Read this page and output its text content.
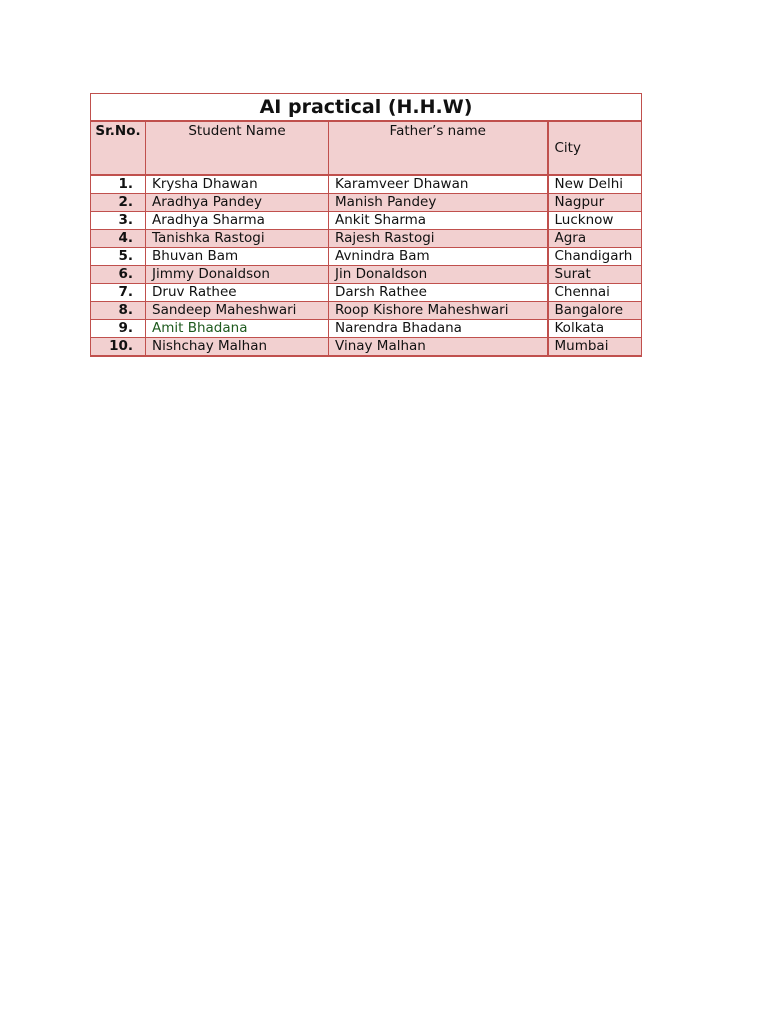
AI practical (H.H.W)			
Sr.No.	Student Name	Father’s name	City
1.	Krysha Dhawan	Karamveer Dhawan	New Delhi
2.	Aradhya Pandey	Manish Pandey	Nagpur
3.	Aradhya Sharma	Ankit Sharma	Lucknow
4.	Tanishka Rastogi	Rajesh Rastogi	Agra
5.	Bhuvan Bam	Avnindra Bam	Chandigarh
6.	Jimmy Donaldson	Jin Donaldson	Surat
7.	Druv Rathee	Darsh Rathee	Chennai
8.	Sandeep Maheshwari	Roop Kishore Maheshwari	Bangalore
9.	Amit Bhadana	Narendra Bhadana	Kolkata
10.	Nishchay Malhan	Vinay Malhan	Mumbai
